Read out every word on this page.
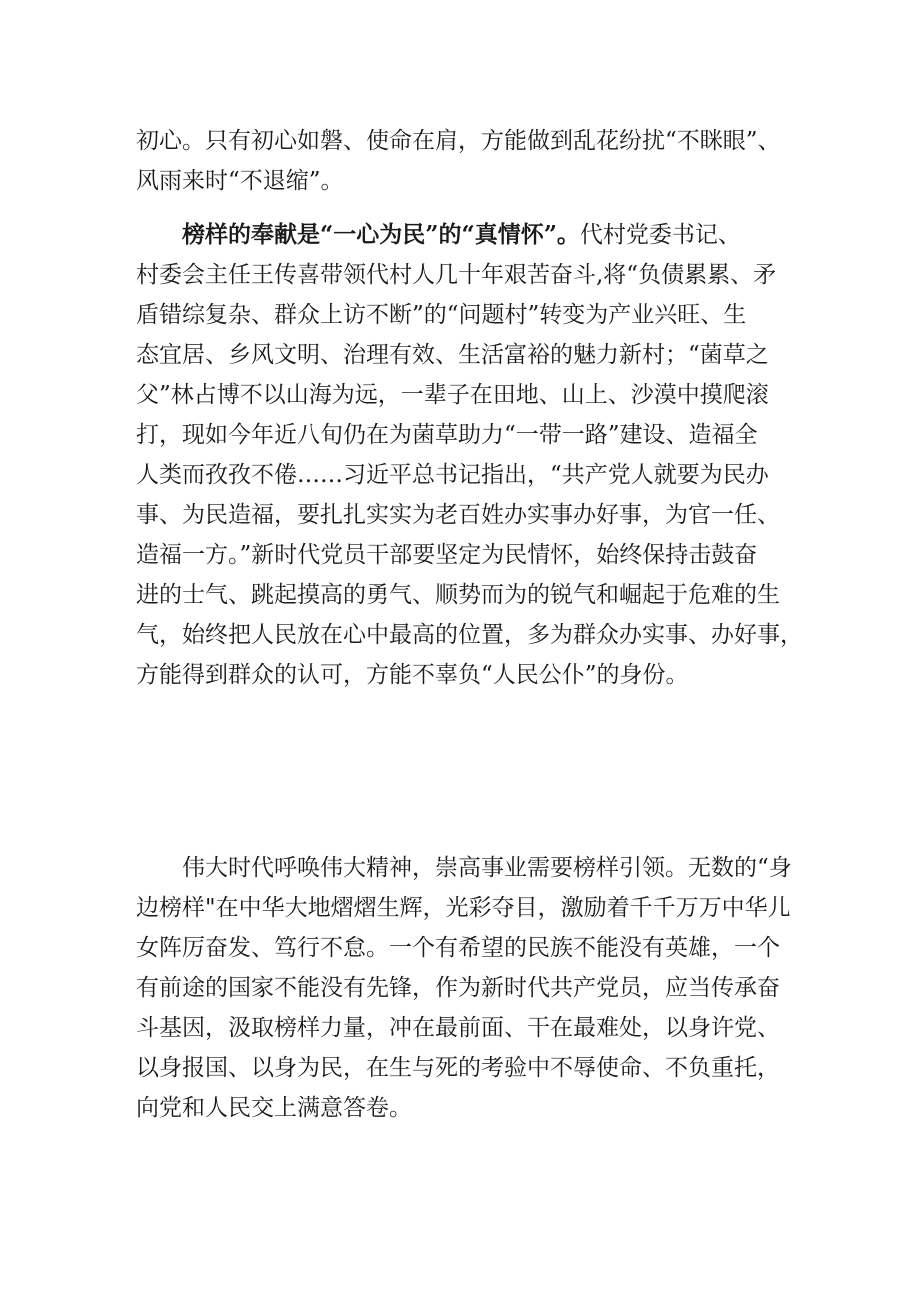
初心。只有初心如磐、使命在肩，方能做到乱花纷扰“不眯眼”、
风雨来时“不退缩”。
榜样的奉献是“一心为民”的“真情怀”。代村党委书记、
村委会主任王传喜带领代村人几十年艰苦奋斗,将“负债累累、矛
盾错综复杂、群众上访不断”的“问题村”转变为产业兴旺、生
态宜居、乡风文明、治理有效、生活富裕的魅力新村；“菌草之
父”林占博不以山海为远，一辈子在田地、山上、沙漠中摸爬滚
打，现如今年近八旬仍在为菌草助力“一带一路”建设、造福全
人类而孜孜不倦……习近平总书记指出，“共产党人就要为民办
事、为民造福，要扎扎实实为老百姓办实事办好事，为官一任、
造福一方。”新时代党员干部要坚定为民情怀，始终保持击鼓奋
进的士气、跳起摸高的勇气、顺势而为的锐气和崛起于危难的生
气，始终把人民放在心中最高的位置，多为群众办实事、办好事，
方能得到群众的认可，方能不辜负“人民公仆”的身份。
伟大时代呼唤伟大精神，崇高事业需要榜样引领。无数的“身
边榜样"在中华大地熠熠生辉，光彩夺目，激励着千千万万中华儿
女阵厉奋发、笃行不怠。一个有希望的民族不能没有英雄，一个
有前途的国家不能没有先锋，作为新时代共产党员，应当传承奋
斗基因，汲取榜样力量，冲在最前面、干在最难处，以身许党、
以身报国、以身为民，在生与死的考验中不辱使命、不负重托，
向党和人民交上满意答卷。
